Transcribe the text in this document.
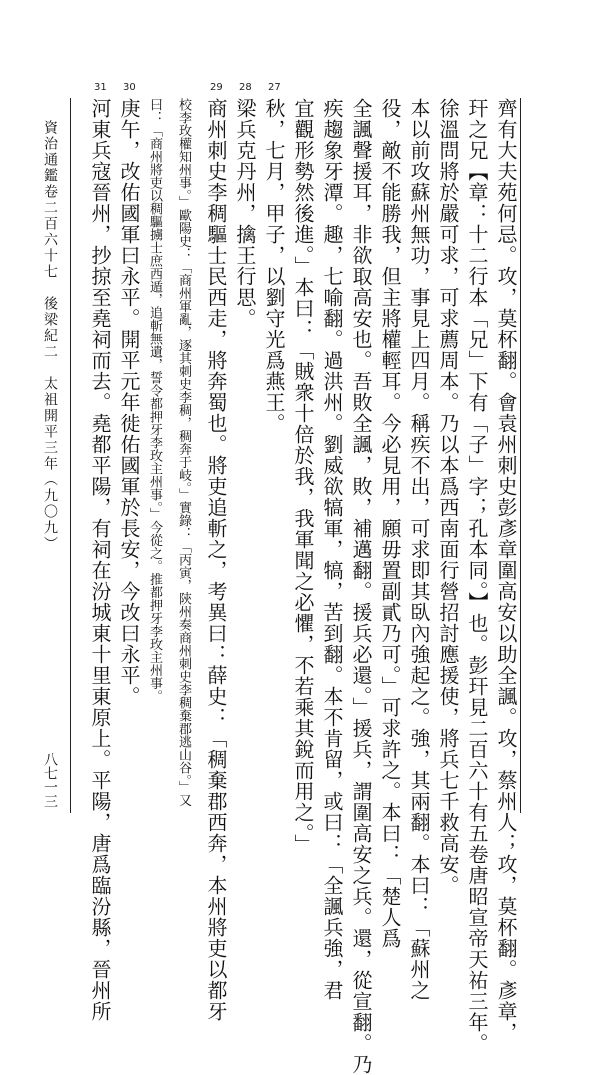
齊有大夫苑何忌。攻，莫杯翻。會袁州刺史彭彥章圍高安以助全諷。攻，蔡州人；攻，莫杯翻。彥章，
玕之兄【章：十二行本「兄」下有「子」字；孔本同。】也。彭玕見二百六十有五卷唐昭宣帝天祐三年。
徐溫問將於嚴可求，可求薦周本。乃以本爲西南面行營招討應援使，將兵七千救高安。
本以前攻蘇州無功，事見上四月。稱疾不出，可求即其臥內強起之。強，其兩翻。本曰：「蘇州之
役，敵不能勝我，但主將權輕耳。今必見用，願毋置副貳乃可。」可求許之。本曰：「楚人爲
全諷聲援耳，非欲取高安也。吾敗全諷，敗，補邁翻。援兵必還。」援兵，謂圍高安之兵。還，從宣翻。乃
疾趨象牙潭。趣，七喻翻。過洪州。劉威欲犒軍，犒，苦到翻。本不肯留，或曰：「全諷兵強，君
宜觀形勢然後進。」本曰：「賊衆十倍於我，我軍聞之必懼，不若乘其銳而用之。」
秋，七月，甲子，以劉守光爲燕王。
27
梁兵克丹州，擒王行思。
28
商州刺史李稠驅士民西走，將奔蜀也。將吏追斬之，考異曰：薛史：「稠棄郡西奔，本州將吏以都牙
29
校李玫權知州事。」歐陽史：「商州軍亂，逐其刺史李稠，稠奔于岐。」實錄：「丙寅，陝州奏商州刺史李稠棄郡逃山谷。」又
曰：「商州將吏以稠驅擄士庶西遁，追斬無遺，誓令都押牙李玫主州事。」今從之。推都押牙李玫主州事。
庚午，改佑國軍曰永平。開平元年徙佑國軍於長安，今改曰永平。
30
河東兵寇晉州，抄掠至堯祠而去。堯都平陽，有祠在汾城東十里東原上。平陽，唐爲臨汾縣，晉州所
31
資治通鑑卷二百六十七　後梁紀二　太祖開平三年（九〇九）
八七一三
